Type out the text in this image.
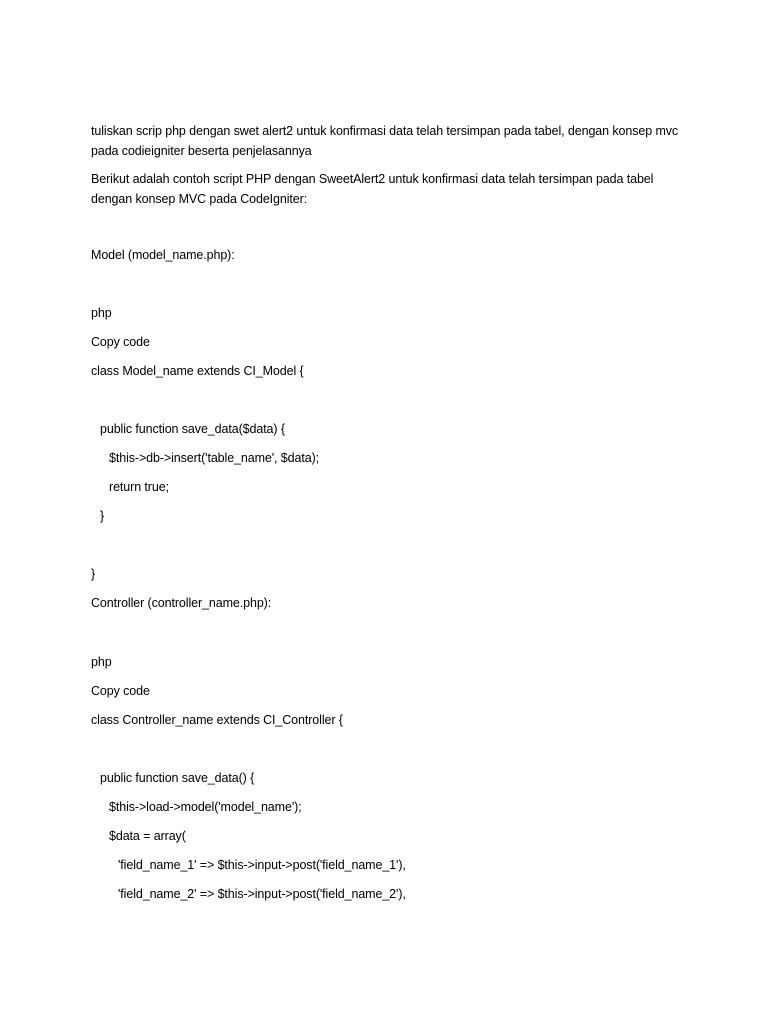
tuliskan scrip php dengan swet alert2 untuk konfirmasi data telah tersimpan pada tabel, dengan konsep mvc pada codieigniter beserta penjelasannya
Berikut adalah contoh script PHP dengan SweetAlert2 untuk konfirmasi data telah tersimpan pada tabel dengan konsep MVC pada CodeIgniter:
Model (model_name.php):
php
Copy code
class Model_name extends CI_Model {
public function save_data($data) {
$this->db->insert('table_name', $data);
return true;
}
}
Controller (controller_name.php):
php
Copy code
class Controller_name extends CI_Controller {
public function save_data() {
$this->load->model('model_name');
$data = array(
'field_name_1' => $this->input->post('field_name_1'),
'field_name_2' => $this->input->post('field_name_2'),
